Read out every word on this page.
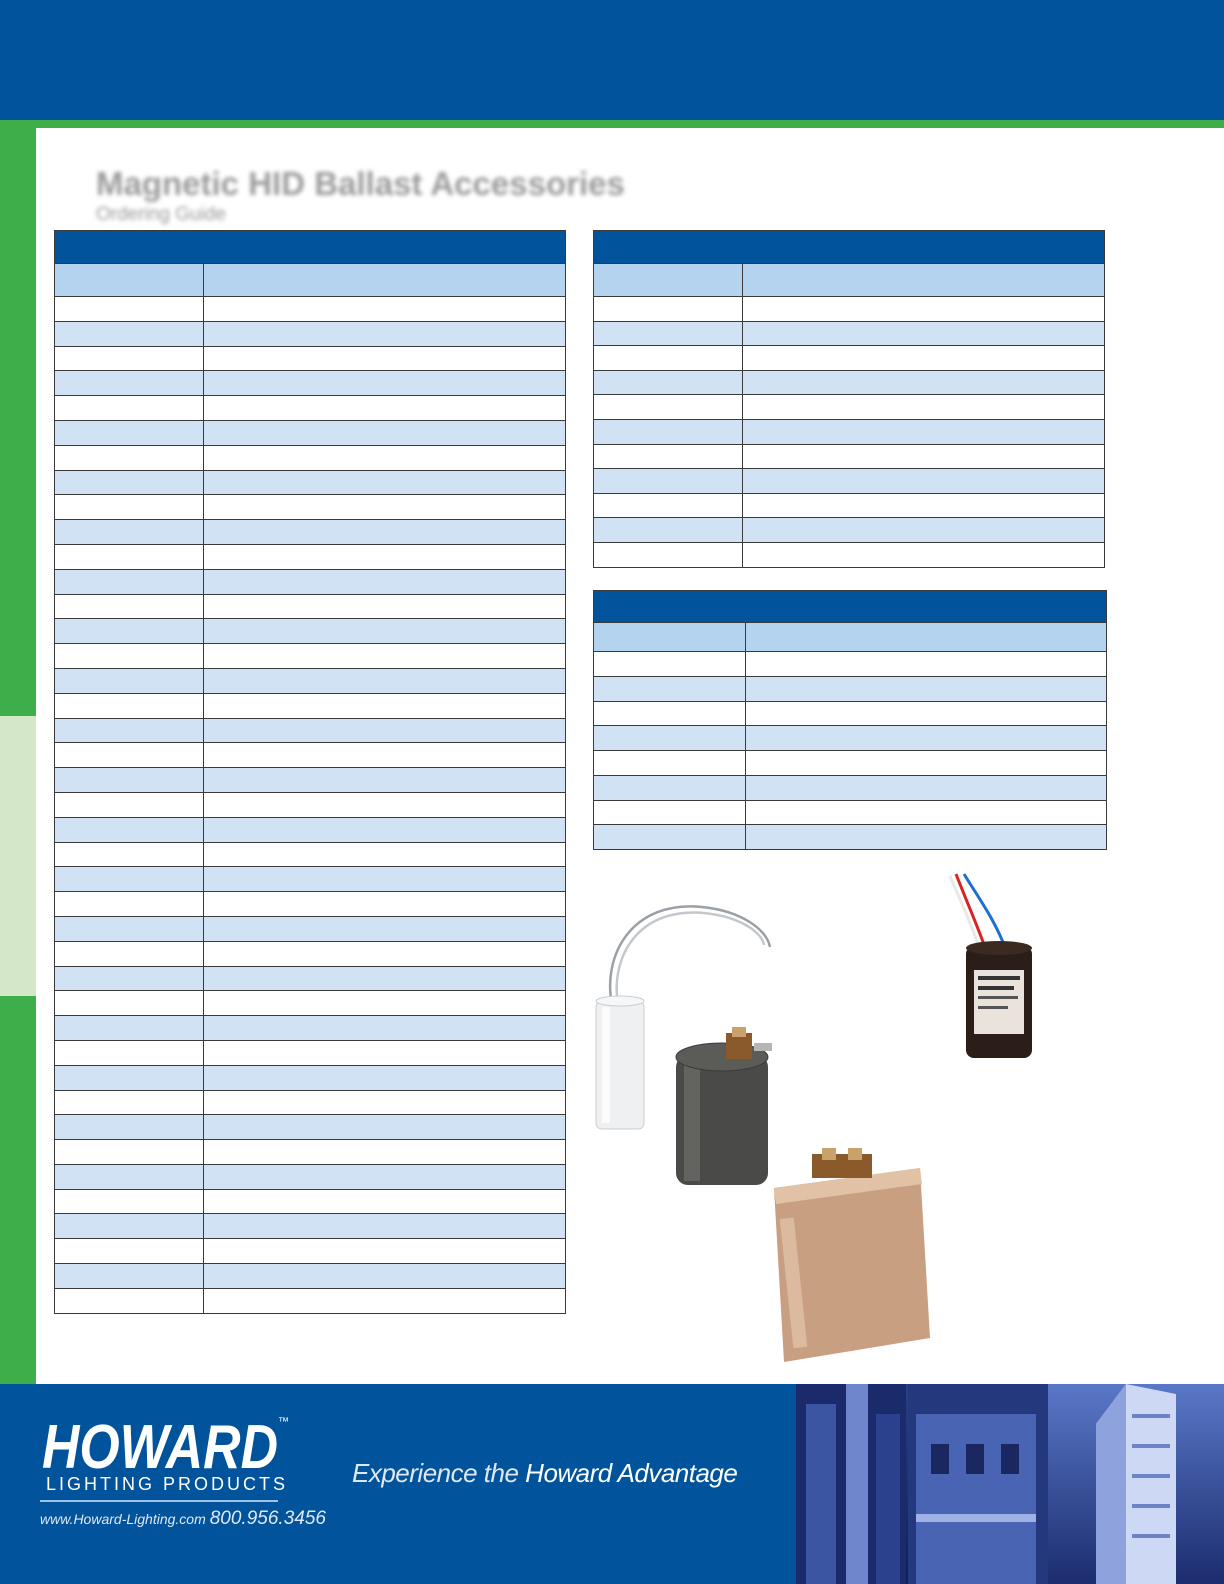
Magnetic HID Ballast Accessories
Ordering Guide
HOWARD ™
LIGHTING PRODUCTS
www.Howard-Lighting.com 800.956.3456
Experience the Howard Advantage
